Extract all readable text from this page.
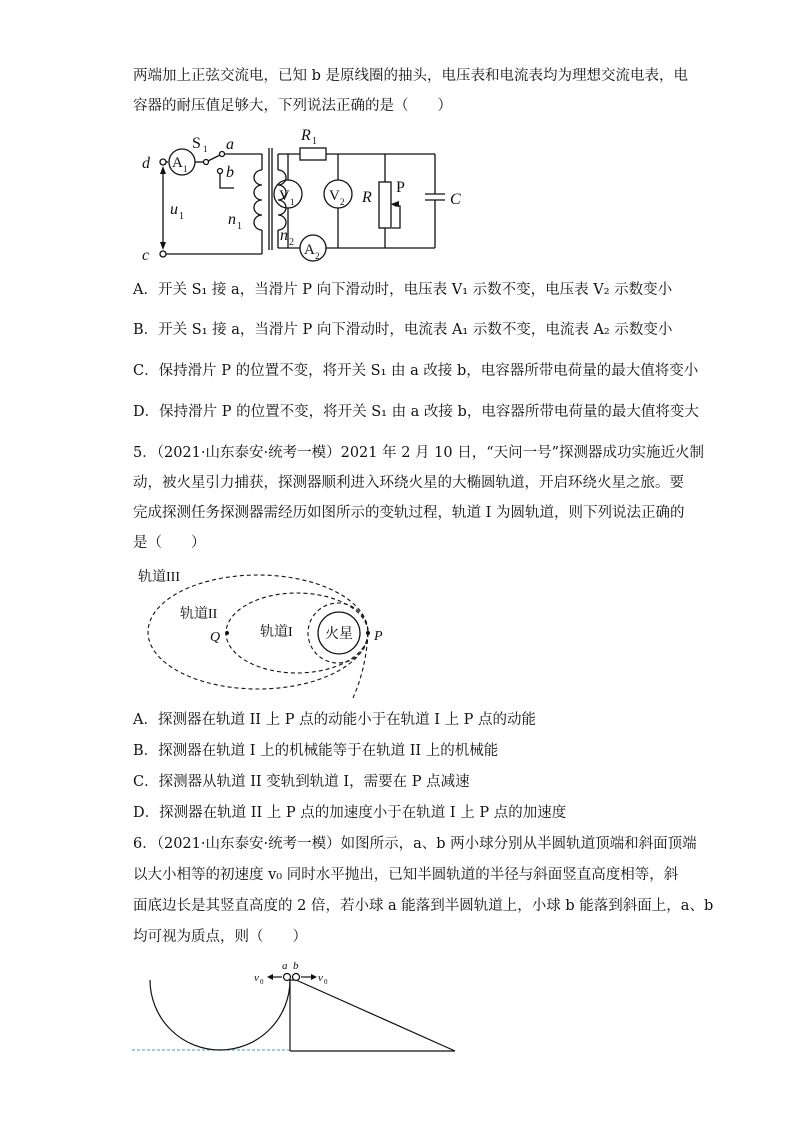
两端加上正弦交流电，已知 b 是原线圈的抽头，电压表和电流表均为理想交流电表，电
容器的耐压值足够大，下列说法正确的是（　　）
d
c
A 1
S 1 a
b
u 1	n 1
n 2
V 1 V 2
A 2
R 1
R
P
C
A．开关 S₁ 接 a，当滑片 P 向下滑动时，电压表 V₁ 示数不变，电压表 V₂ 示数变小
B．开关 S₁ 接 a，当滑片 P 向下滑动时，电流表 A₁ 示数不变，电流表 A₂ 示数变小
C．保持滑片 P 的位置不变，将开关 S₁ 由 a 改接 b，电容器所带电荷量的最大值将变小
D．保持滑片 P 的位置不变，将开关 S₁ 由 a 改接 b，电容器所带电荷量的最大值将变大
5．（2021·山东泰安·统考一模）2021 年 2 月 10 日，“天问一号”探测器成功实施近火制
动，被火星引力捕获，探测器顺利进入环绕火星的大椭圆轨道，开启环绕火星之旅。要
完成探测任务探测器需经历如图所示的变轨过程，轨道 I 为圆轨道，则下列说法正确的
是（　　）
轨道III
轨道II
轨道I 火星
Q	P
A．探测器在轨道 II 上 P 点的动能小于在轨道 I 上 P 点的动能
B．探测器在轨道 I 上的机械能等于在轨道 II 上的机械能
C．探测器从轨道 II 变轨到轨道 I，需要在 P 点减速
D．探测器在轨道 II 上 P 点的加速度小于在轨道 I 上 P 点的加速度
6．（2021·山东泰安·统考一模）如图所示，a、b 两小球分别从半圆轨道顶端和斜面顶端
以大小相等的初速度 v₀ 同时水平抛出，已知半圆轨道的半径与斜面竖直高度相等，斜
面底边长是其竖直高度的 2 倍，若小球 a 能落到半圆轨道上，小球 b 能落到斜面上，a、b
均可视为质点，则（　　）
v 0
a b
v 0
